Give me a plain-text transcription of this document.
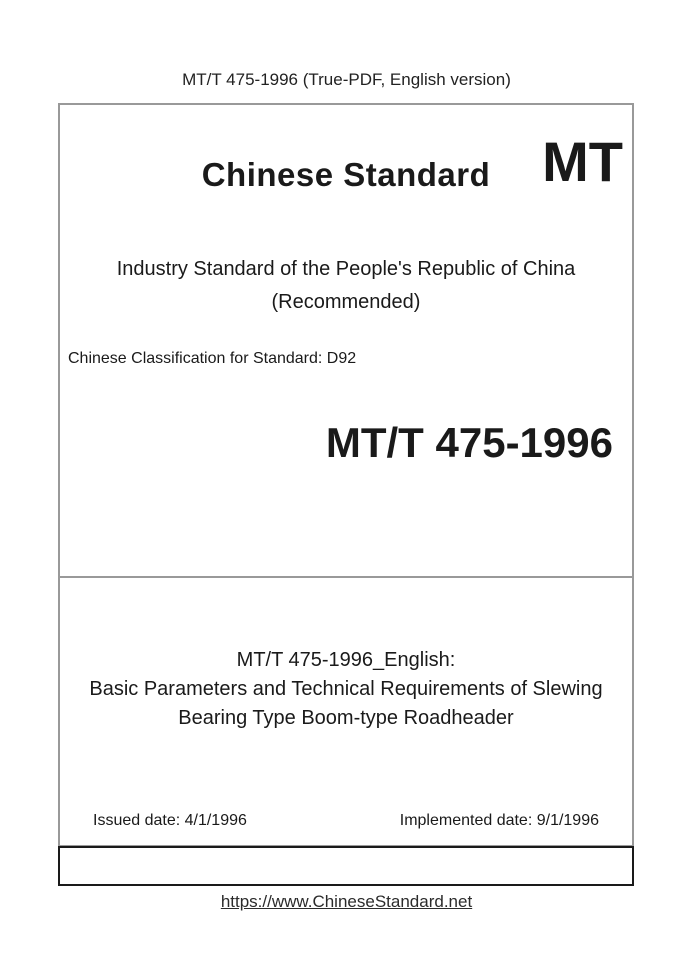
MT/T 475-1996 (True-PDF, English version)
Chinese Standard MT
Industry Standard of the People's Republic of China
(Recommended)
Chinese Classification for Standard: D92
MT/T 475-1996
MT/T 475-1996_English:
Basic Parameters and Technical Requirements of Slewing
Bearing Type Boom-type Roadheader
Issued date: 4/1/1996	Implemented date: 9/1/1996
https://www.ChineseStandard.net
